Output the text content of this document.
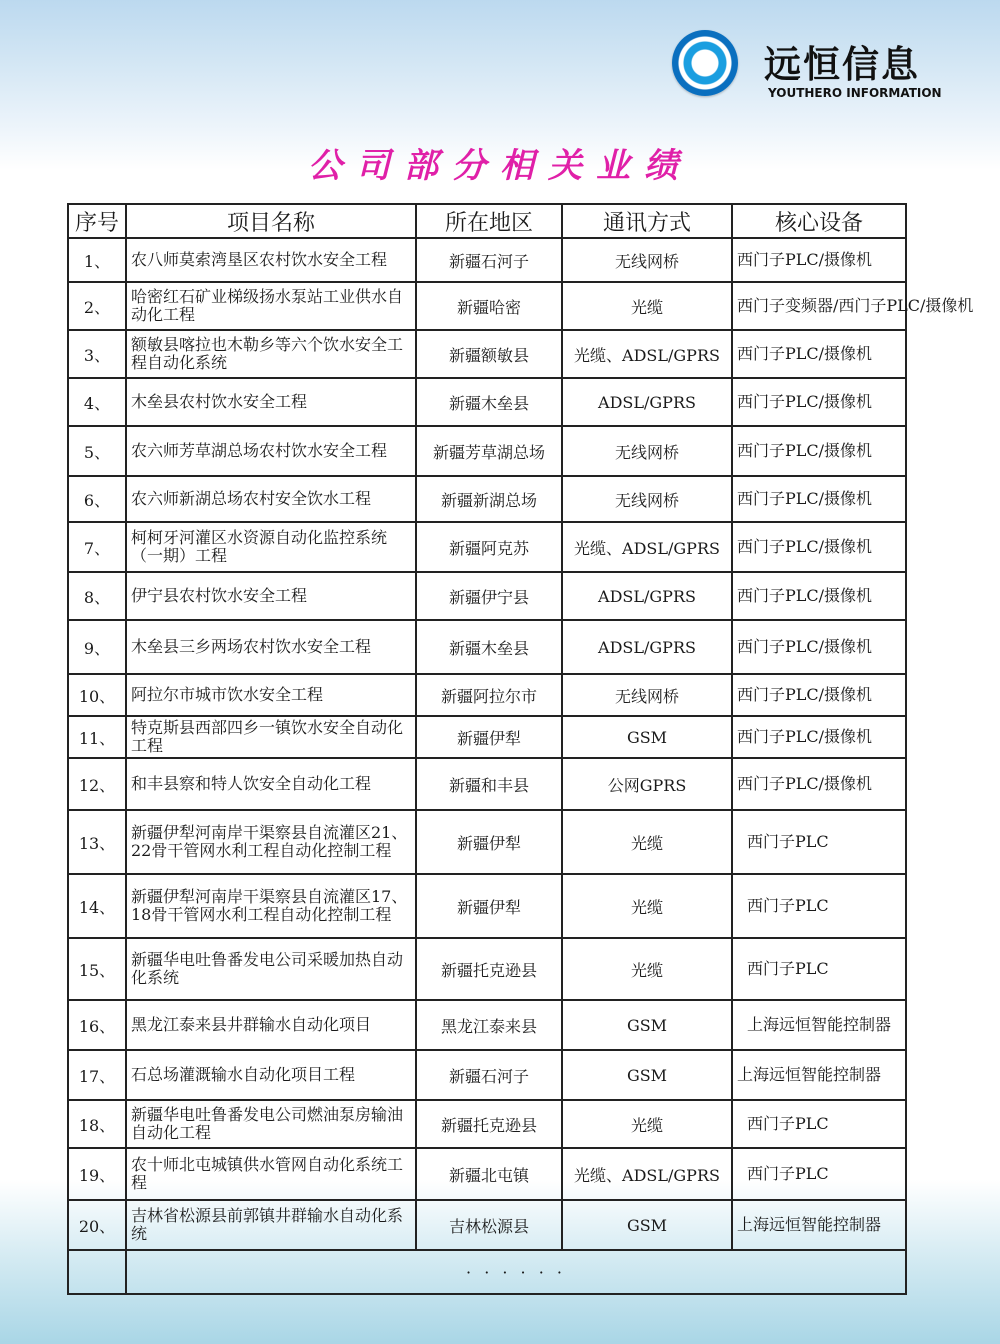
远恒信息
YOUTHERO INFORMATION
公司部分相关业绩
序号	项目名称	所在地区	通讯方式	核心设备
1、	农八师莫索湾垦区农村饮水安全工程	新疆石河子	无线网桥	西门子PLC/摄像机
2、	哈密红石矿业梯级扬水泵站工业供水自动化工程	新疆哈密	光缆	西门子变频器/西门子PLC/摄像机
3、	额敏县喀拉也木勒乡等六个饮水安全工程自动化系统	新疆额敏县	光缆、ADSL/GPRS	西门子PLC/摄像机
4、	木垒县农村饮水安全工程	新疆木垒县	ADSL/GPRS	西门子PLC/摄像机
5、	农六师芳草湖总场农村饮水安全工程	新疆芳草湖总场	无线网桥	西门子PLC/摄像机
6、	农六师新湖总场农村安全饮水工程	新疆新湖总场	无线网桥	西门子PLC/摄像机
7、	柯柯牙河灌区水资源自动化监控系统（一期）工程	新疆阿克苏	光缆、ADSL/GPRS	西门子PLC/摄像机
8、	伊宁县农村饮水安全工程	新疆伊宁县	ADSL/GPRS	西门子PLC/摄像机
9、	木垒县三乡两场农村饮水安全工程	新疆木垒县	ADSL/GPRS	西门子PLC/摄像机
10、	阿拉尔市城市饮水安全工程	新疆阿拉尔市	无线网桥	西门子PLC/摄像机
11、	特克斯县西部四乡一镇饮水安全自动化工程	新疆伊犁	GSM	西门子PLC/摄像机
12、	和丰县察和特人饮安全自动化工程	新疆和丰县	公网GPRS	西门子PLC/摄像机
13、	新疆伊犁河南岸干渠察县自流灌区21、22骨干管网水利工程自动化控制工程	新疆伊犁	光缆	西门子PLC
14、	新疆伊犁河南岸干渠察县自流灌区17、18骨干管网水利工程自动化控制工程	新疆伊犁	光缆	西门子PLC
15、	新疆华电吐鲁番发电公司采暖加热自动化系统	新疆托克逊县	光缆	西门子PLC
16、	黑龙江泰来县井群输水自动化项目	黑龙江泰来县	GSM	上海远恒智能控制器
17、	石总场灌溉输水自动化项目工程	新疆石河子	GSM	上海远恒智能控制器
18、	新疆华电吐鲁番发电公司燃油泵房输油自动化工程	新疆托克逊县	光缆	西门子PLC
19、	农十师北屯城镇供水管网自动化系统工程	新疆北屯镇	光缆、ADSL/GPRS	西门子PLC
20、	吉林省松源县前郭镇井群输水自动化系统	吉林松源县	GSM	上海远恒智能控制器
	· · · · · ·			
